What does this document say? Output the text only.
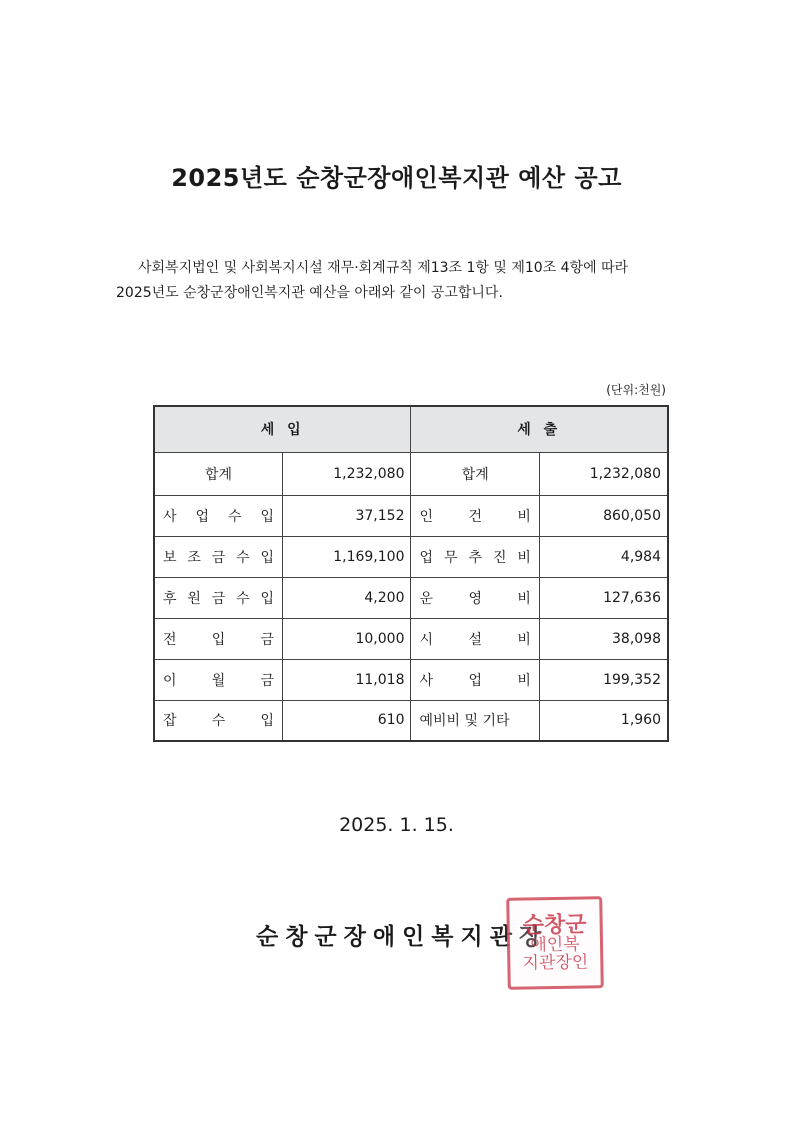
2025년도 순창군장애인복지관 예산 공고
사회복지법인 및 사회복지시설 재무·회계규칙 제13조 1항 및 제10조 4항에 따라
2025년도 순창군장애인복지관 예산을 아래와 같이 공고합니다.
(단위:천원)
세 입		세 출	
합계	1,232,080	합계	1,232,080

사 업 수 입	37,152	인 건 비	860,050

보 조 금 수 입	1,169,100	업 무 추 진 비	4,984

후 원 금 수 입	4,200	운 영 비	127,636

전 입 금	10,000	시 설 비	38,098

이 월 금	11,018	사 업 비	199,352

잡 수 입	610	예비비 및 기타	1,960
2025. 1. 15.
순창군장애인복지관장
순창군
애인복
지관장인
